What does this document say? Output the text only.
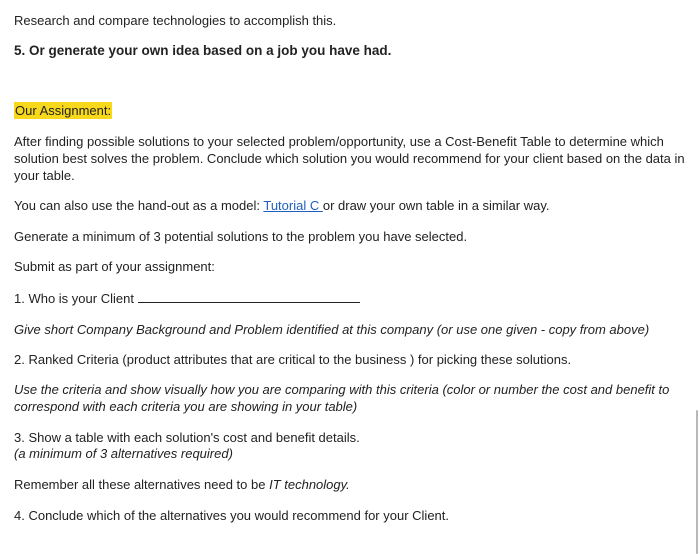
Research and compare technologies to accomplish this.
5. Or generate your own idea based on a job you have had.
Our Assignment:
After finding possible solutions to your selected problem/opportunity, use a Cost-Benefit Table to determine which solution best solves the problem. Conclude which solution you would recommend for your client based on the data in your table.
You can also use the hand-out as a model: Tutorial C or draw your own table in a similar way.
Generate a minimum of 3 potential solutions to the problem you have selected.
Submit as part of your assignment:
1. Who is your Client
Give short Company Background and Problem identified at this company (or use one given - copy from above)
2. Ranked Criteria (product attributes that are critical to the business ) for picking these solutions.
Use the criteria and show visually how you are comparing with this criteria (color or number the cost and benefit to correspond with each criteria you are showing in your table)
3. Show a table with each solution's cost and benefit details.
(a minimum of 3 alternatives required)
Remember all these alternatives need to be IT technology.
4. Conclude which of the alternatives you would recommend for your Client.
